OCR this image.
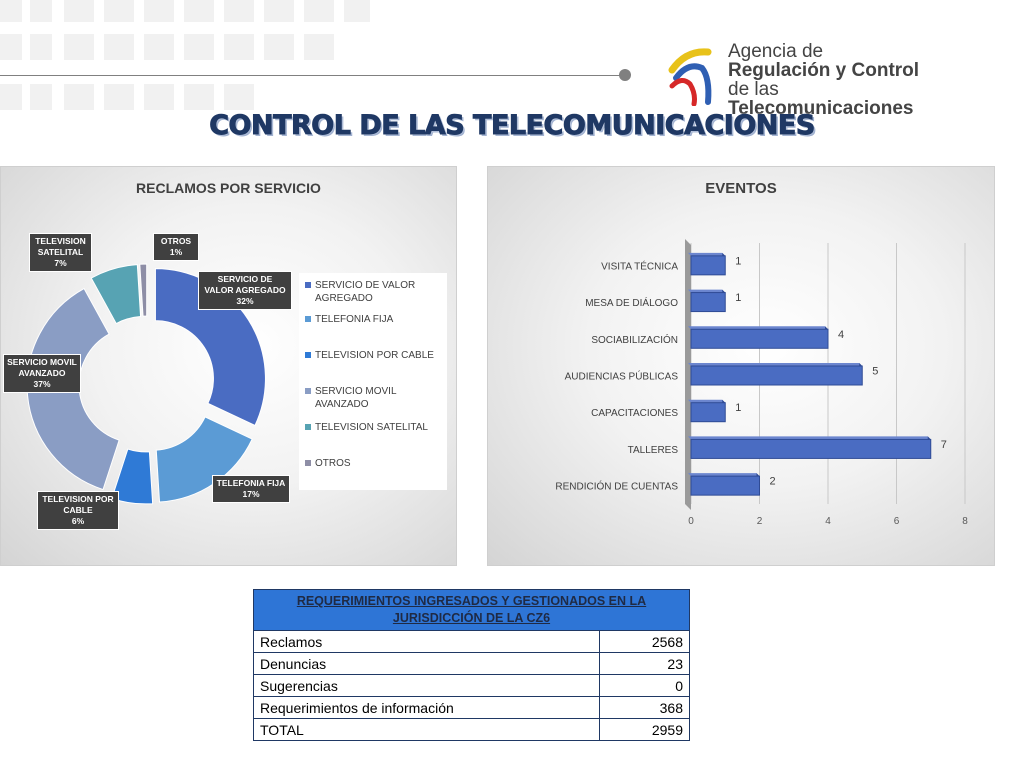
Agencia de
Regulación y Control
de las Telecomunicaciones
CONTROL DE LAS TELECOMUNICACIONES
RECLAMOS POR SERVICIO
SERVICIO DE VALOR AGREGADO
TELEFONIA FIJA
TELEVISION POR CABLE
SERVICIO MOVIL AVANZADO
TELEVISION SATELITAL
OTROS
SERVICIO DE VALOR AGREGADO
32%
TELEFONIA FIJA
17%
TELEVISION POR CABLE
6%
SERVICIO MOVIL AVANZADO
37%
TELEVISION SATELITAL
7%
OTROS
1%
EVENTOS
0	2	4	6	8
RENDICIÓN DE CUENTAS	2
TALLERES	7
CAPACITACIONES	1
AUDIENCIAS PÚBLICAS	5
SOCIABILIZACIÓN	4
MESA DE DIÁLOGO	1
VISITA TÉCNICA	1
REQUERIMIENTOS INGRESADOS Y GESTIONADOS EN LA JURISDICCIÓN DE LA CZ6	
Reclamos	2568
Denuncias	23
Sugerencias	0
Requerimientos de información	368
TOTAL	2959
